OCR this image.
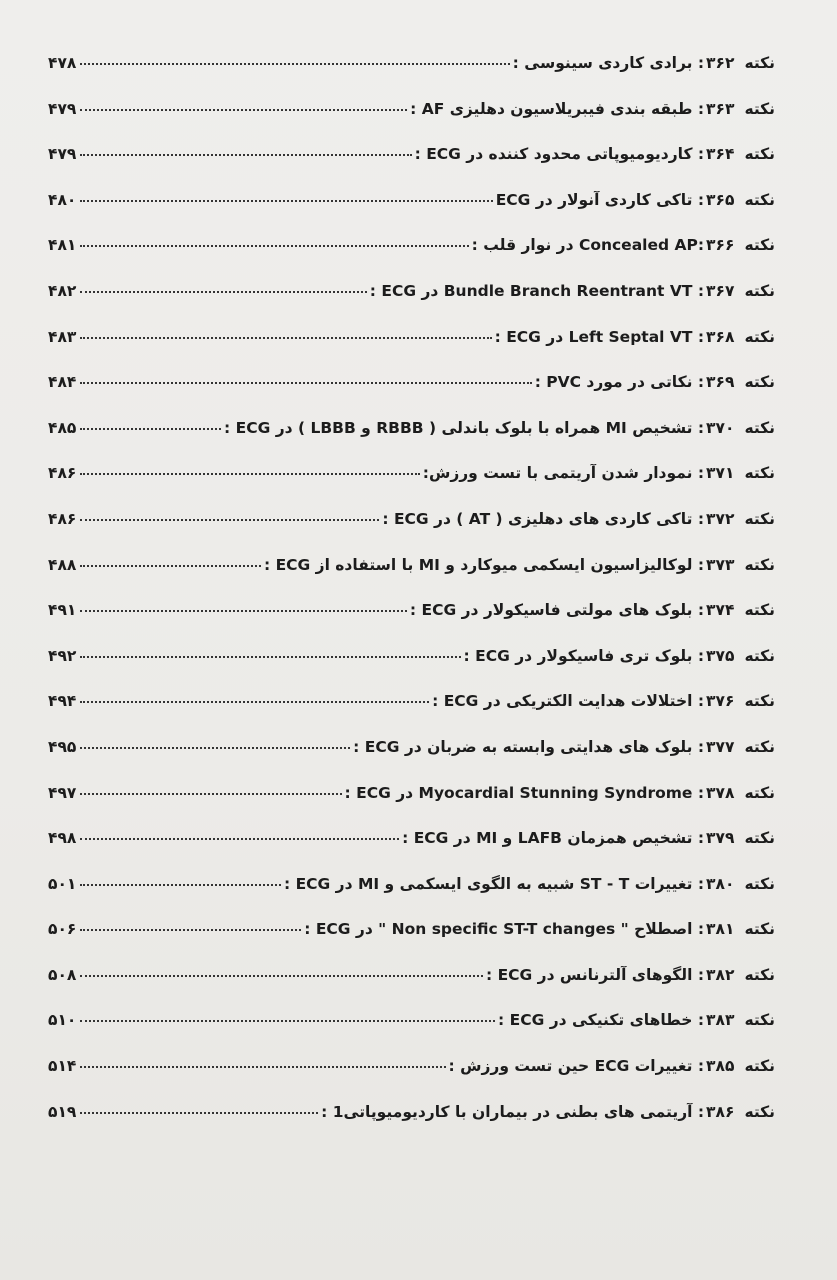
نکته
۳۶۲
: برادی کاردی سینوسی :
۴۷۸
نکته
۳۶۳
: طبقه بندی فیبریلاسیون دهلیزی AF :
۴۷۹
نکته
۳۶۴
: کاردیومیوپاتی محدود کننده در ECG :
۴۷۹
نکته
۳۶۵
: تاکی کاردی آنولار در ECG
۴۸۰
نکته
۳۶۶
:Concealed AP در نوار قلب :
۴۸۱
نکته
۳۶۷
: Bundle Branch Reentrant VT در ECG :
۴۸۲
نکته
۳۶۸
: Left Septal VT در ECG :
۴۸۳
نکته
۳۶۹
: نکاتی در مورد PVC :
۴۸۴
نکته
۳۷۰
: تشخیص MI همراه با بلوک باندلی ( RBBB و LBBB ) در ECG :
۴۸۵
نکته
۳۷۱
: نمودار شدن آریتمی با تست ورزش:
۴۸۶
نکته
۳۷۲
: تاکی کاردی های دهلیزی ( AT ) در ECG :
۴۸۶
نکته
۳۷۳
: لوکالیزاسیون ایسکمی میوکارد و MI با استفاده از ECG :
۴۸۸
نکته
۳۷۴
: بلوک های مولتی فاسیکولار در ECG :
۴۹۱
نکته
۳۷۵
: بلوک تری فاسیکولار در ECG :
۴۹۲
نکته
۳۷۶
: اختلالات هدایت الکتریکی در ECG :
۴۹۴
نکته
۳۷۷
: بلوک های هدایتی وابسته به ضربان در ECG :
۴۹۵
نکته
۳۷۸
: Myocardial Stunning Syndrome در ECG :
۴۹۷
نکته
۳۷۹
: تشخیص همزمان LAFB و MI در ECG :
۴۹۸
نکته
۳۸۰
: تغییرات ST - T شبیه به الگوی ایسکمی و MI در ECG :
۵۰۱
نکته
۳۸۱
: اصطلاح " Non specific ST-T changes " در ECG :
۵۰۶
نکته
۳۸۲
: الگوهای آلترنانس در ECG :
۵۰۸
نکته
۳۸۳
: خطاهای تکنیکی در ECG :
۵۱۰
نکته
۳۸۵
: تغییرات ECG حین تست ورزش :
۵۱۴
نکته
۳۸۶
: آریتمی های بطنی در بیماران با کاردیومیوپاتی1 :
۵۱۹
